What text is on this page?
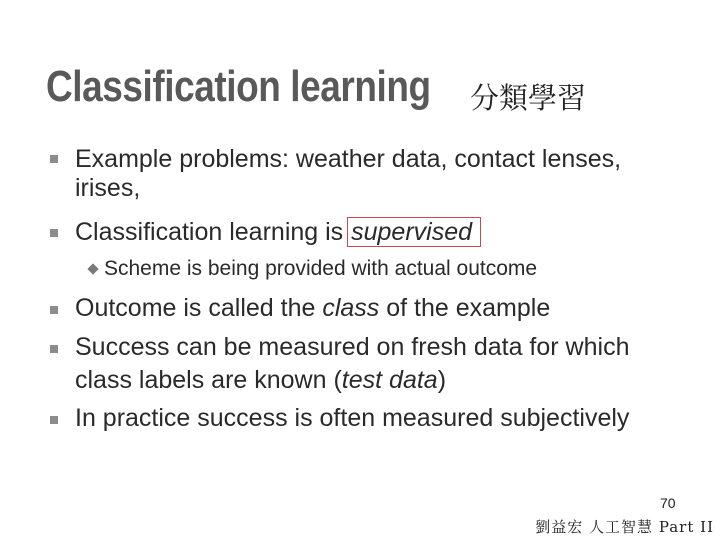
Classification learning	分類學習
Example problems: weather data, contact lenses,
irises,
Classification learning is supervised
Scheme is being provided with actual outcome
Outcome is called the class of the example
Success can be measured on fresh data for which
class labels are known (test data)
In practice success is often measured subjectively
70
劉益宏 人工智慧 Part II
